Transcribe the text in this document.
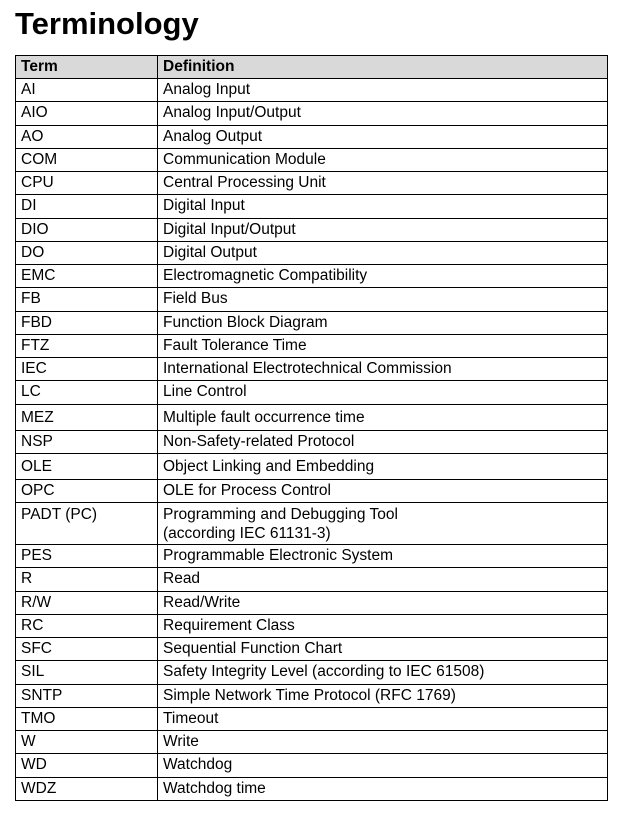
Terminology
Term	Definition
AI	Analog Input

AIO	Analog Input/Output

AO	Analog Output

COM	Communication Module

CPU	Central Processing Unit

DI	Digital Input

DIO	Digital Input/Output

DO	Digital Output

EMC	Electromagnetic Compatibility

FB	Field Bus

FBD	Function Block Diagram

FTZ	Fault Tolerance Time

IEC	International Electrotechnical Commission

LC	Line Control

MEZ	Multiple fault occurrence time

NSP	Non-Safety-related Protocol

OLE	Object Linking and Embedding

OPC	OLE for Process Control

PADT (PC)	Programming and Debugging Tool
(according IEC 61131-3)

PES	Programmable Electronic System

R	Read

R/W	Read/Write

RC	Requirement Class

SFC	Sequential Function Chart

SIL	Safety Integrity Level (according to IEC 61508)

SNTP	Simple Network Time Protocol (RFC 1769)

TMO	Timeout

W	Write

WD	Watchdog

WDZ	Watchdog time
